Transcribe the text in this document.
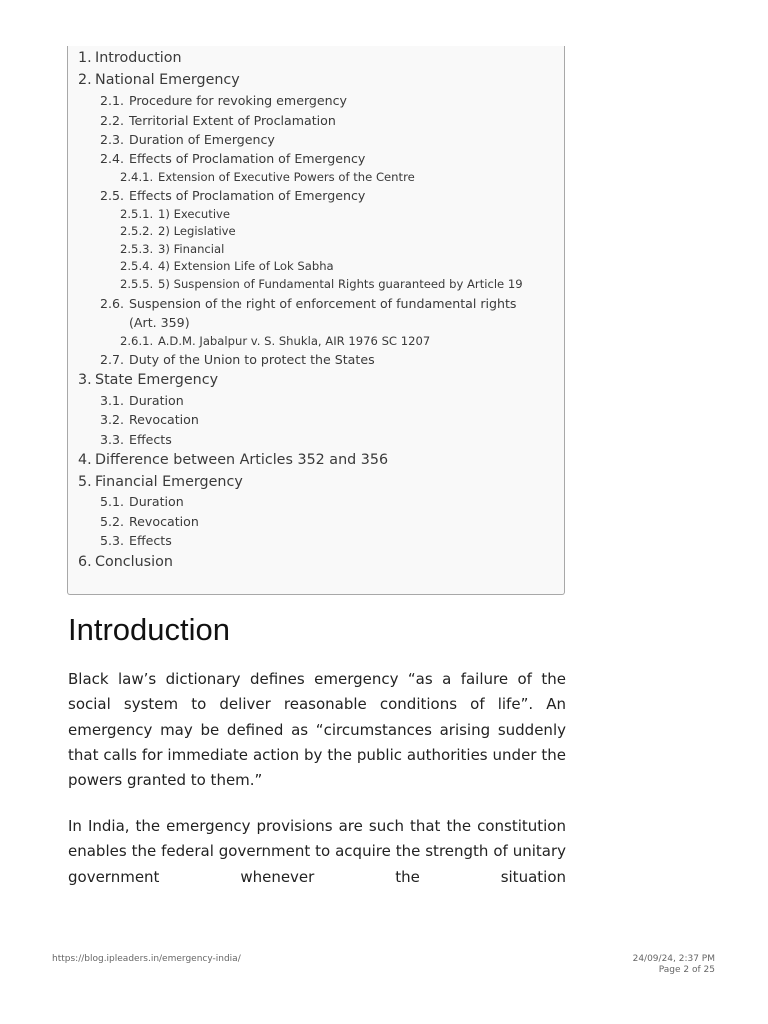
1. Introduction
2. National Emergency
2.1. Procedure for revoking emergency
2.2. Territorial Extent of Proclamation
2.3. Duration of Emergency
2.4. Effects of Proclamation of Emergency
2.4.1. Extension of Executive Powers of the Centre
2.5. Effects of Proclamation of Emergency
2.5.1. 1) Executive
2.5.2. 2) Legislative
2.5.3. 3) Financial
2.5.4. 4) Extension Life of Lok Sabha
2.5.5. 5) Suspension of Fundamental Rights guaranteed by Article 19
2.6. Suspension of the right of enforcement of fundamental rights
2.6.1. A.D.M. Jabalpur v. S. Shukla, AIR 1976 SC 1207
2.7. Duty of the Union to protect the States
3. State Emergency
3.1. Duration
3.2. Revocation
3.3. Effects
4. Difference between Articles 352 and 356
5. Financial Emergency
5.1. Duration
5.2. Revocation
5.3. Effects
6. Conclusion
(Art. 359)
Introduction

Black law’s dictionary defines emergency “as a failure of the social system to deliver reasonable conditions of life”. An emergency may be defined as “circumstances arising suddenly that calls for immediate action by the public authorities under the powers granted to them.”

In India, the emergency provisions are such that the constitution enables the federal government to acquire the strength of unitary government whenever the situation

https://blog.ipleaders.in/emergency-india/	24/09/24, 2:37 PM
Page 2 of 25
